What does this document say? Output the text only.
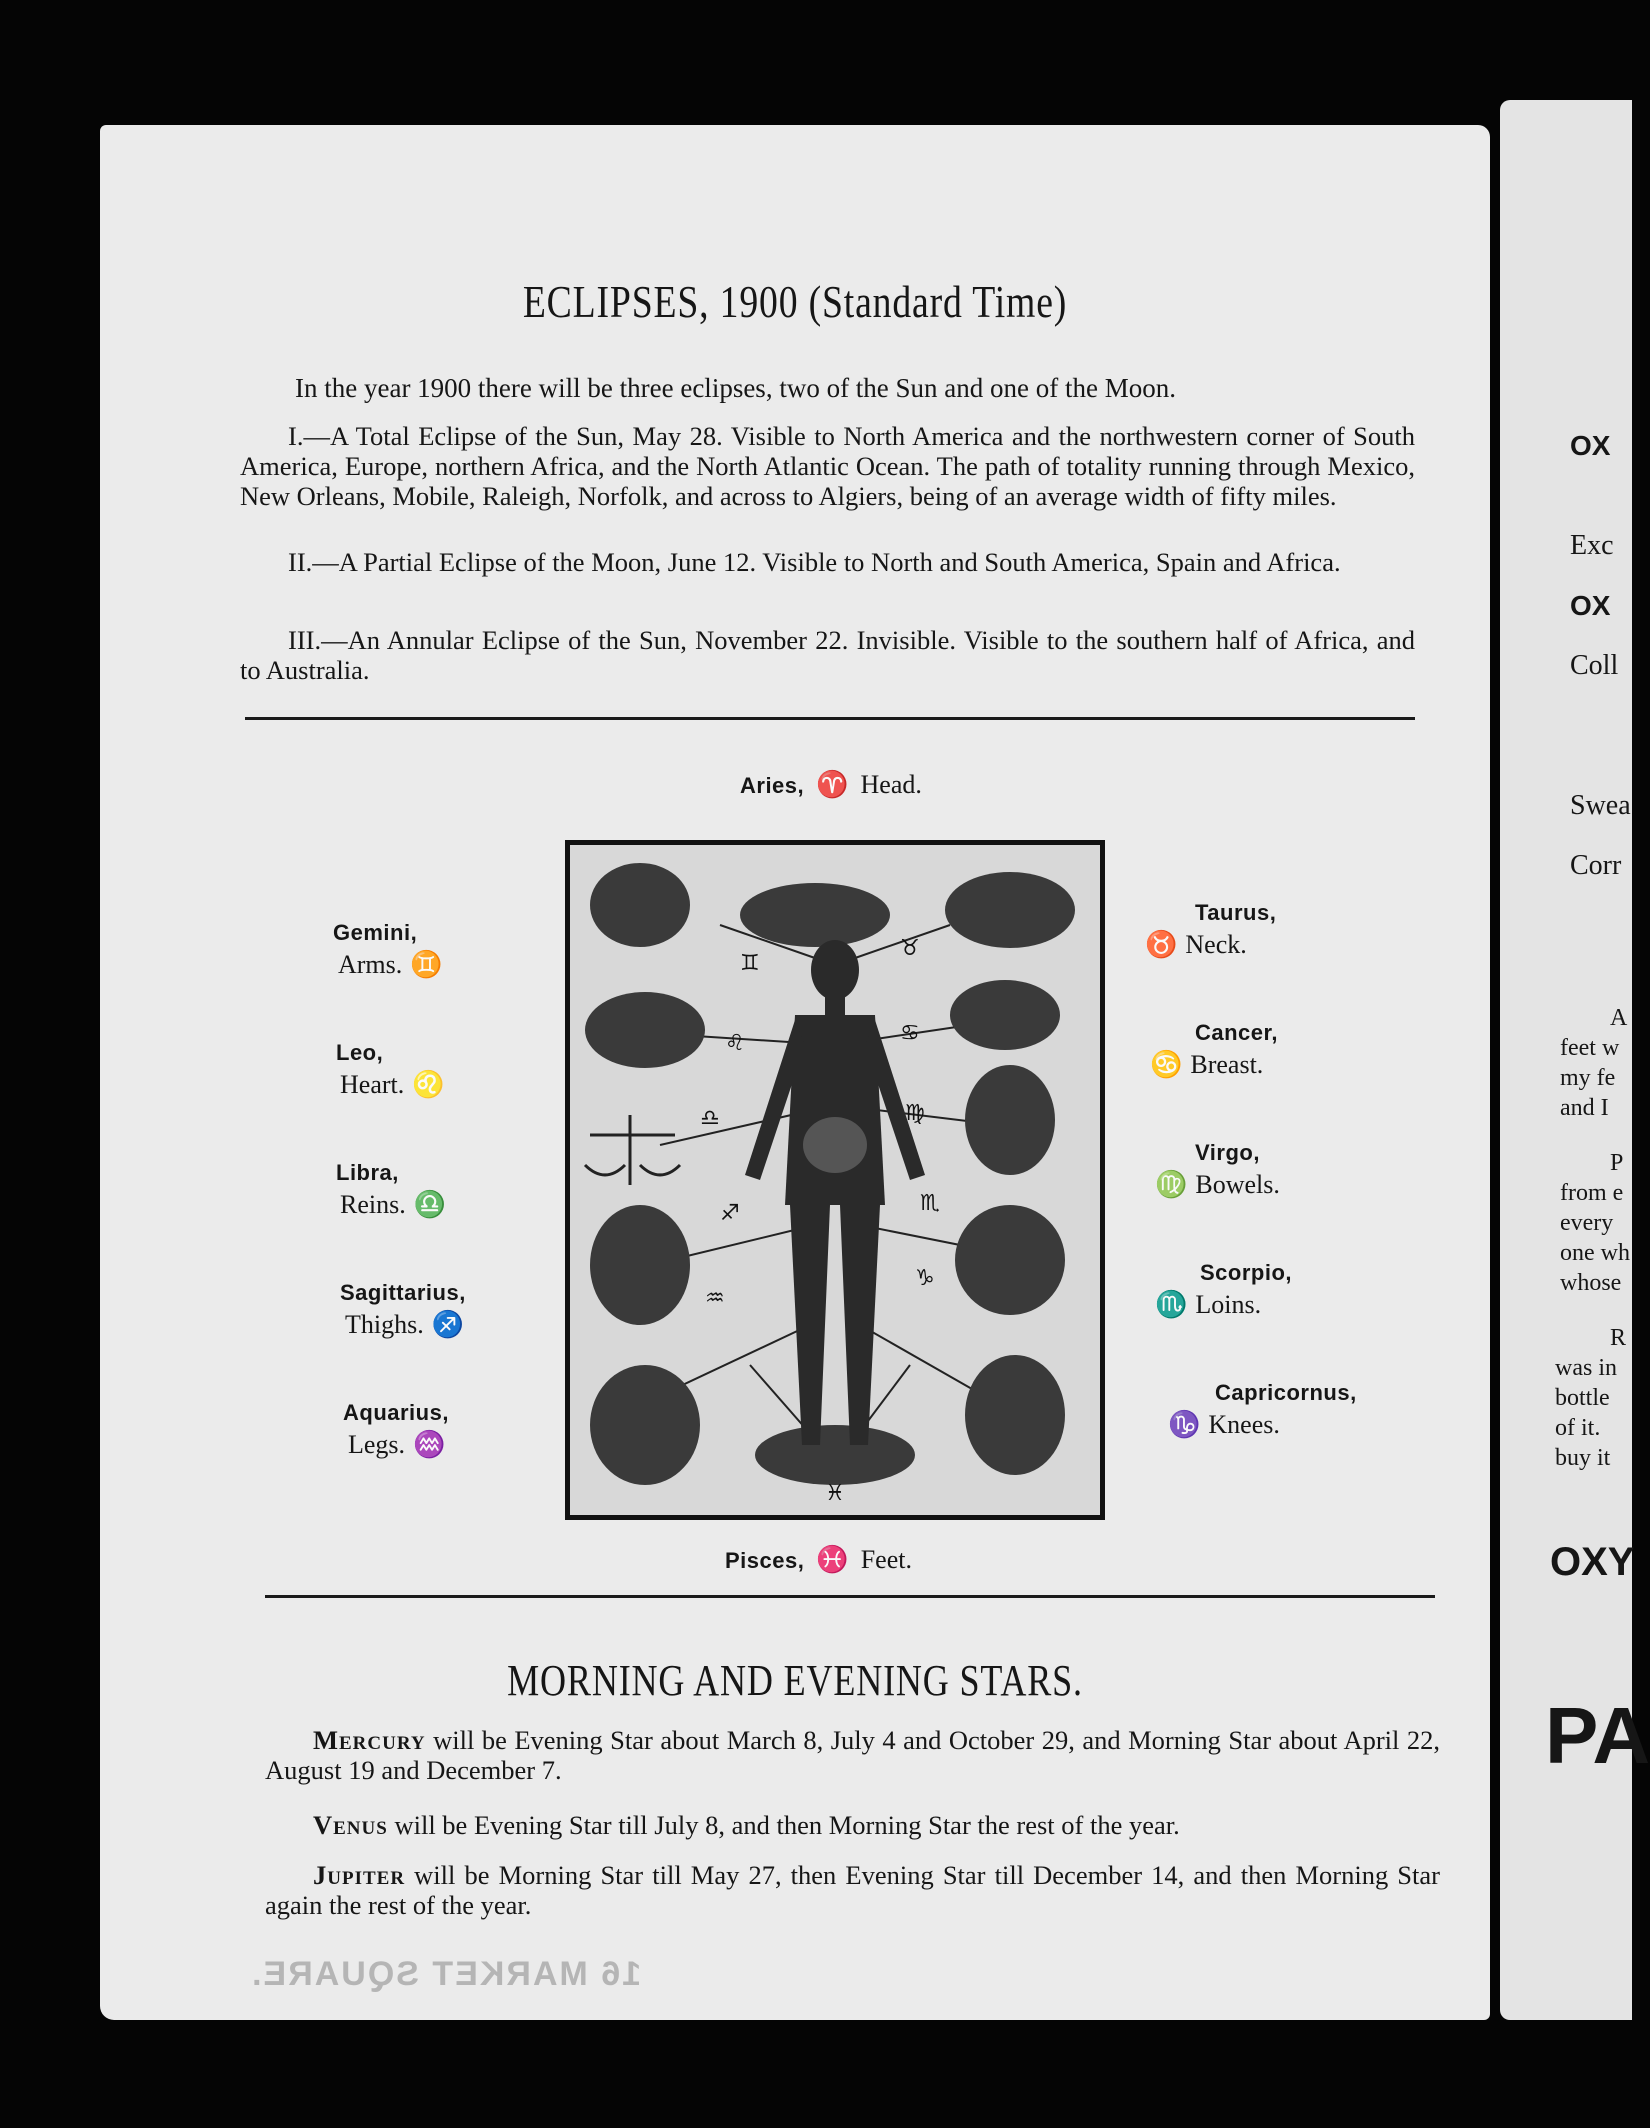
ECLIPSES, 1900 (Standard Time)
In the year 1900 there will be three eclipses, two of the Sun and one of the Moon.
I.—A Total Eclipse of the Sun, May 28. Visible to North America and the northwestern corner of South America, Europe, northern Africa, and the North Atlantic Ocean. The path of totality running through Mexico, New Orleans, Mobile, Raleigh, Norfolk, and across to Algiers, being of an average width of fifty miles.
II.—A Partial Eclipse of the Moon, June 12. Visible to North and South America, Spain and Africa.
III.—An Annular Eclipse of the Sun, November 22. Invisible. Visible to the southern half of Africa, and to Australia.
Aries, ♈ Head.
Gemini,
Arms. ♊
Leo,
Heart. ♌
Libra,
Reins. ♎
Sagittarius,
Thighs. ♐
Aquarius,
Legs. ♒
Taurus,
♉ Neck.
Cancer,
♋ Breast.
Virgo,
♍ Bowels.
Scorpio,
♏ Loins.
Capricornus,
♑ Knees.
♊
♉
♌	♋
♎	♍
♐	♏
♒
♑
♓
Pisces, ♓ Feet.
MORNING AND EVENING STARS.
Mercury will be Evening Star about March 8, July 4 and October 29, and Morning Star about April 22, August 19 and December 7.
Venus will be Evening Star till July 8, and then Morning Star the rest of the year.
Jupiter will be Morning Star till May 27, then Evening Star till December 14, and then Morning Star again the rest of the year.
16 MARKET SQUARE.
OX
Exc
OX
Coll
Swea
Corr
A
feet w
my fe
and I
P
from e
every
one wh
whose
R
was in
bottle
of it.
buy it
OXY
PA
